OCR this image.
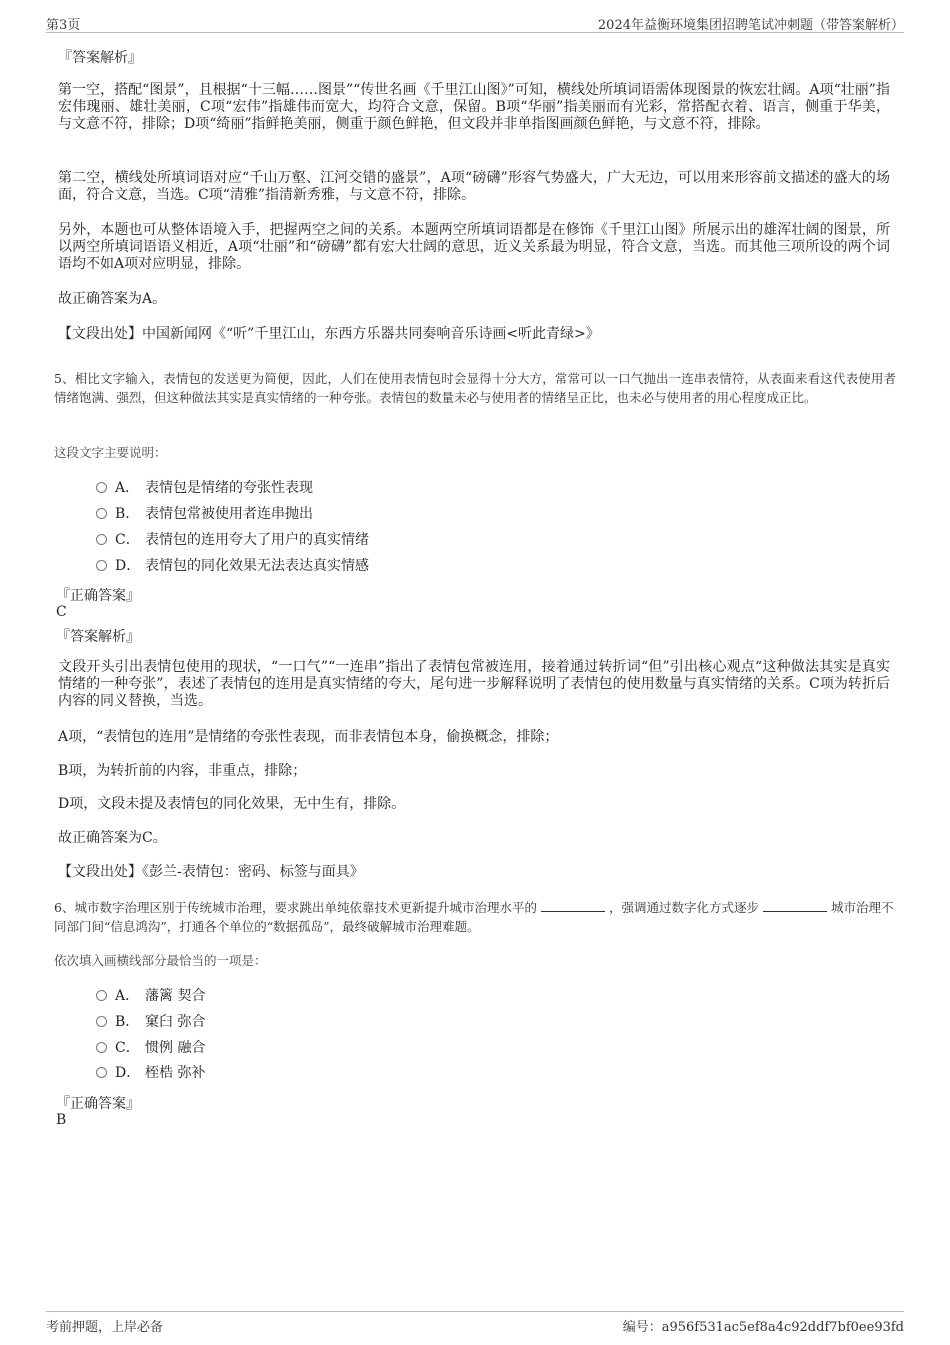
第3页	2024年益衡环境集团招聘笔试冲刺题（带答案解析）
『答案解析』
第一空，搭配“图景”，且根据“十三幅……图景”“传世名画《千里江山图》”可知，横线处所填词语需体现图景的恢宏壮阔。A项“壮丽”指宏伟瑰丽、雄壮美丽，C项“宏伟”指雄伟而宽大，均符合文意，保留。B项“华丽”指美丽而有光彩，常搭配衣着、语言，侧重于华美，与文意不符，排除；D项“绮丽”指鲜艳美丽，侧重于颜色鲜艳，但文段并非单指图画颜色鲜艳，与文意不符，排除。
第二空，横线处所填词语对应“千山万壑、江河交错的盛景”，A项“磅礴”形容气势盛大，广大无边，可以用来形容前文描述的盛大的场面，符合文意，当选。C项“清雅”指清新秀雅，与文意不符，排除。
另外，本题也可从整体语境入手，把握两空之间的关系。本题两空所填词语都是在修饰《千里江山图》所展示出的雄浑壮阔的图景，所以两空所填词语语义相近，A项“壮丽”和“磅礴”都有宏大壮阔的意思，近义关系最为明显，符合文意，当选。而其他三项所设的两个词语均不如A项对应明显，排除。
故正确答案为A。
【文段出处】中国新闻网《“听”千里江山，东西方乐器共同奏响音乐诗画<听此青绿>》
5、相比文字输入，表情包的发送更为简便，因此，人们在使用表情包时会显得十分大方，常常可以一口气抛出一连串表情符，从表面来看这代表使用者情绪饱满、强烈，但这种做法其实是真实情绪的一种夸张。表情包的数量未必与使用者的情绪呈正比，也未必与使用者的用心程度成正比。
这段文字主要说明：
A． 表情包是情绪的夸张性表现
B． 表情包常被使用者连串抛出
C． 表情包的连用夸大了用户的真实情绪
D． 表情包的同化效果无法表达真实情感
『正确答案』
C
『答案解析』
文段开头引出表情包使用的现状，“一口气”“一连串”指出了表情包常被连用，接着通过转折词“但”引出核心观点“这种做法其实是真实情绪的一种夸张”，表述了表情包的连用是真实情绪的夸大，尾句进一步解释说明了表情包的使用数量与真实情绪的关系。C项为转折后内容的同义替换，当选。
A项，“表情包的连用”是情绪的夸张性表现，而非表情包本身，偷换概念，排除；
B项，为转折前的内容，非重点，排除；
D项，文段未提及表情包的同化效果，无中生有，排除。
故正确答案为C。
【文段出处】《彭兰-表情包：密码、标签与面具》
6、城市数字治理区别于传统城市治理，要求跳出单纯依靠技术更新提升城市治理水平的	，强调通过数字化方式逐步	城市治理不同部门间“信息鸿沟”，打通各个单位的“数据孤岛”，最终破解城市治理难题。
依次填入画横线部分最恰当的一项是：
A． 藩篱 契合
B． 窠臼 弥合
C． 惯例 融合
D． 桎梏 弥补
『正确答案』
B
考前押题，上岸必备	编号：a956f531ac5ef8a4c92ddf7bf0ee93fd
